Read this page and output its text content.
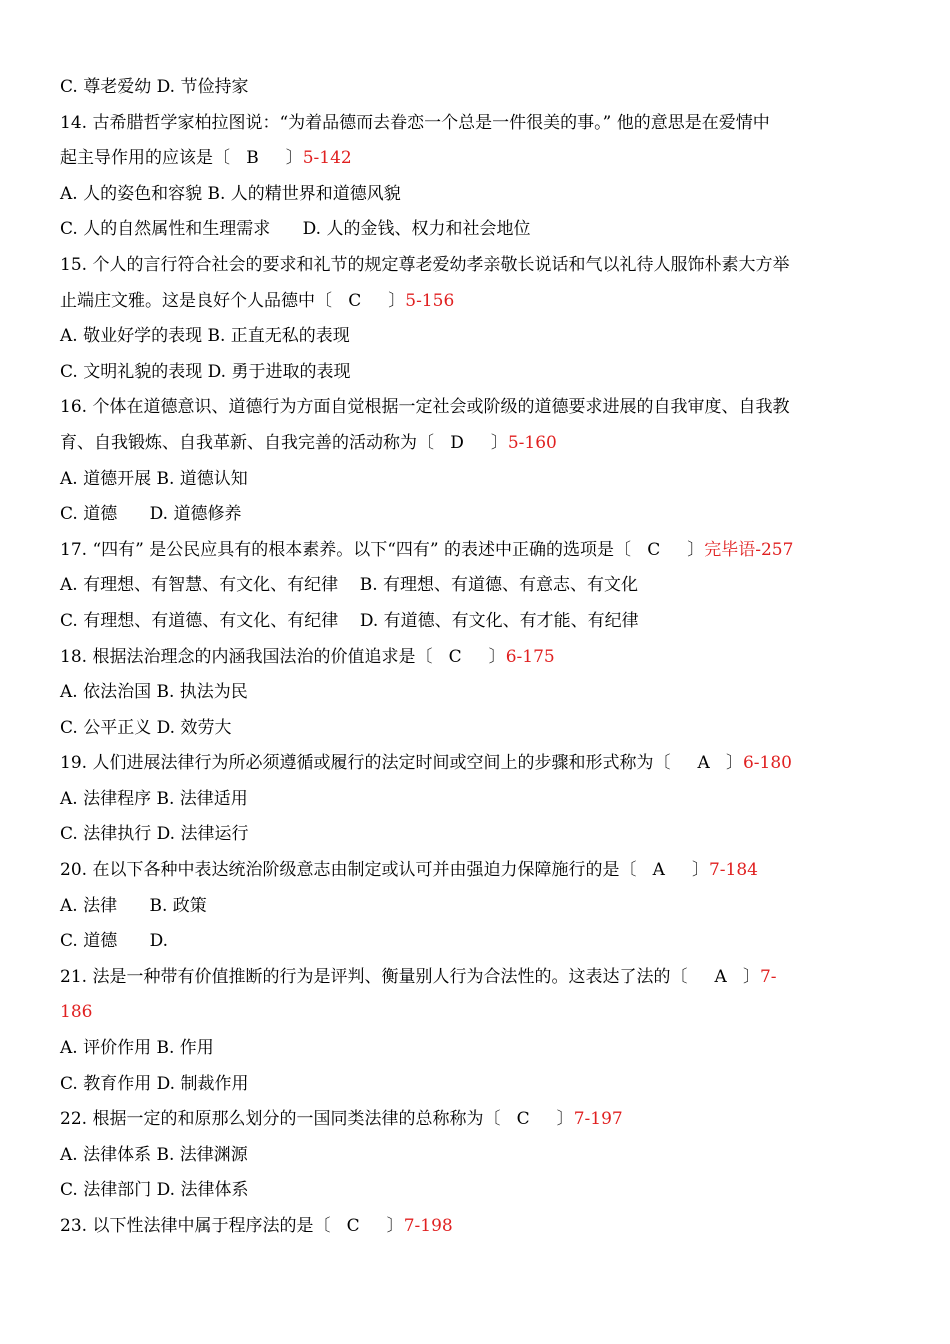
C. 尊老爱幼 D. 节俭持家
14. 古希腊哲学家柏拉图说：“为着品德而去眷恋一个总是一件很美的事。” 他的意思是在爱情中
起主导作用的应该是〔   B     〕5-142
A. 人的姿色和容貌 B. 人的精世界和道德风貌
C. 人的自然属性和生理需求      D. 人的金钱、权力和社会地位
15. 个人的言行符合社会的要求和礼节的规定尊老爱幼孝亲敬长说话和气以礼待人服饰朴素大方举
止端庄文雅。这是良好个人品德中〔   C     〕5-156
A. 敬业好学的表现 B. 正直无私的表现
C. 文明礼貌的表现 D. 勇于进取的表现
16. 个体在道德意识、道德行为方面自觉根据一定社会或阶级的道德要求进展的自我审度、自我教
育、自我锻炼、自我革新、自我完善的活动称为〔   D     〕5-160
A. 道德开展 B. 道德认知
C. 道德      D. 道德修养
17. “四有” 是公民应具有的根本素养。以下“四有” 的表述中正确的选项是〔   C     〕完毕语-257
A. 有理想、有智慧、有文化、有纪律    B. 有理想、有道德、有意志、有文化
C. 有理想、有道德、有文化、有纪律    D. 有道德、有文化、有才能、有纪律
18. 根据法治理念的内涵我国法治的价值追求是〔   C     〕6-175
A. 依法治国 B. 执法为民
C. 公平正义 D. 效劳大
19. 人们进展法律行为所必须遵循或履行的法定时间或空间上的步骤和形式称为〔     A   〕6-180
A. 法律程序 B. 法律适用
C. 法律执行 D. 法律运行
20. 在以下各种中表达统治阶级意志由制定或认可并由强迫力保障施行的是〔   A     〕7-184
A. 法律      B. 政策
C. 道德      D.
21. 法是一种带有价值推断的行为是评判、衡量别人行为合法性的。这表达了法的〔     A   〕7-
186
A. 评价作用 B. 作用
C. 教育作用 D. 制裁作用
22. 根据一定的和原那么划分的一国同类法律的总称称为〔   C     〕7-197
A. 法律体系 B. 法律渊源
C. 法律部门 D. 法律体系
23. 以下性法律中属于程序法的是〔   C     〕7-198
